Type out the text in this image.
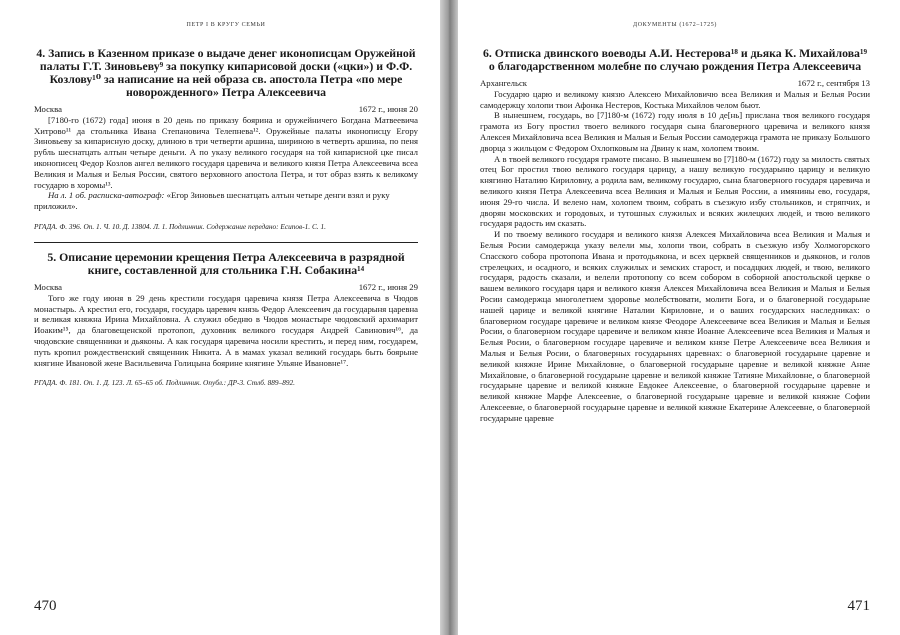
ПЕТР I В КРУГУ СЕМЬИ
4. Запись в Казенном приказе о выдаче денег иконописцам Оружейной палаты Г.Т. Зиновьеву⁹ за покупку кипарисовой доски («цки») и Ф.Ф. Козлову¹⁰ за написание на ней образа св. апостола Петра «по мере новорожденного» Петра Алексеевича
Москва	1672 г., июня 20

[7180-го (1672) года] июня в 20 день по приказу боярина и оружейничего Богдана Матвеевича Хитрово¹¹ да стольника Ивана Степановича Телепнева¹². Оружейные палаты иконописцу Егору Зиновьеву за кипарисную доску, длиною в три четверти аршина, шириною в четверть аршина, по пеня рубль шеснатцать алтын четыре деньги. А по указу великого государя на той кипарисной цке писал иконописец Федор Козлов ангел великого государя царевича и великого князя Петра Алексеевича всеа Великия и Малыя и Белыя России, святого верховного апостола Петра, и тот образ взять к великому государю в хоромы¹³.

На л. 1 об. расписка-автограф: «Егор Зиновьев шеснатцать алтын четыре денги взял и руку приложил».

РГАДА. Ф. 396. Оп. 1. Ч. 10. Д. 13804. Л. 1. Подлинник. Содержание передано: Есипов-1. С. 1.
5. Описание церемонии крещения Петра Алексеевича в разрядной книге, составленной для стольника Г.Н. Собакина¹⁴
Москва	1672 г., июня 29

Того же году июня в 29 день крестили государя царевича князя Петра Алексеевича в Чюдов монастырь. А крестил его, государя, государь царевич князь Федор Алексеевич да государыня царевна и великая княжна Ирина Михайловна. А служил обедню в Чюдов монастыре чюдовский архимарит Иоаким¹⁵, да благовещенской протопоп, духовник великого государя Андрей Савинович¹⁶, да чюдовские священники и дьяконы. А как государя царевича носили крестить, и перед ним, государем, путь кропил рождественский священник Никита. А в мамах указал великий государь быть боярыне княгине Ивановой жене Васильевича Голицына боярине княгине Ульяне Ивановне¹⁷.

РГАДА. Ф. 181. Оп. 1. Д. 123. Л. 65–65 об. Подлинник. Опубл.: ДР-3. Стлб. 889–892.
470
ДОКУМЕНТЫ (1672–1725)
6. Отписка двинского воеводы А.И. Нестерова¹⁸ и дьяка К. Михайлова¹⁹ о благодарственном молебне по случаю рождения Петра Алексеевича
Архангельск	1672 г., сентября 13

Государю царю и великому князю Алексею Михайловичю всеа Великия и Малыя и Белыя Росии самодержцу холопи твои Афонка Нестеров, Костька Михайлов челом бьют.

В нынешнем, государь, во [7]180-м (1672) году июля в 10 де[нь] прислана твоя великого государя грамота из Богу простил твоего великого государя сына благоверного царевича и великого князя Алексея Михайловича всеа Великия и Малыя и Белыя России самодержца грамота не приказу Большого дворца з жильцом с Федором Охлопковым на Двину к нам, холопем твоим.

А в твоей великого государя грамоте писано. В нынешнем во [7]180-м (1672) году за милость святых отец Бог простил твою великого государя царицу, а нашу великую государыню царицу и великую княгиню Наталию Кириловну, а родила вам, великому государю, сына благоверного государя царевича и великого князя Петра Алексеевича всеа Великия и Малыя и Белыя России, а имянины ево, государя, июня 29-го числа. И велено нам, холопем твоим, собрать в съезжую избу стольников, и стряпчих, и дворян московских и городовых, и тутошных служилых и всяких жилецких людей, и твою великого государя радость им сказать.

И по твоему великого государя и великого князя Алексея Михайловича всеа Великия и Малыя и Белыя Росии самодержца указу велели мы, холопи твои, собрать в съезжую избу Холмогорского Спасского собора протопопа Ивана и протодьякона, и всех церквей священников и дьяконов, и голов стрелецких, и осадного, и всяких служилых и земских старост, и посадцких людей, и твою, великого государя, радость сказали, и велели протопопу со всем собором в соборной апостольской церкве о вашем великого государя царя и великого князя Алексея Михайловича всеа Великия и Малыя и Белыя Росии самодержца многолетнем здоровье молебствовати, молити Бога, и о благоверной государыне нашей царице и великой княгине Наталии Кириловне, и о ваших государских наследниках: о благоверном государе царевиче и великом князе Феодоре Алексеевиче всеа Великия и Малыя и Белыя Росии, о благоверном государе царевиче и великом князе Иоанне Алексеевиче всеа Великия и Малыя и Белыя Росии, о благоверном государе царевиче и великом князе Петре Алексеевиче всеа Великия и Малыя и Белыя Росии, о благоверных государынях царевнах: о благоверной государыне царевне и великой княжне Ирине Михайловне, о благоверной государыне царевне и великой княжне Анне Михайловне, о благоверной государыне царевне и великой княжне Татияне Михайловне, о благоверной государыне царевне и великой княжне Евдокее Алексеевне, о благоверной государыне царевне и великой княжне Марфе Алексеевне, о благоверной государыне царевне и великой княжне Софии Алексеевне, о благоверной государыне царевне и великой княжне Екатерине Алексеевне, о благоверной государыне царевне

471
